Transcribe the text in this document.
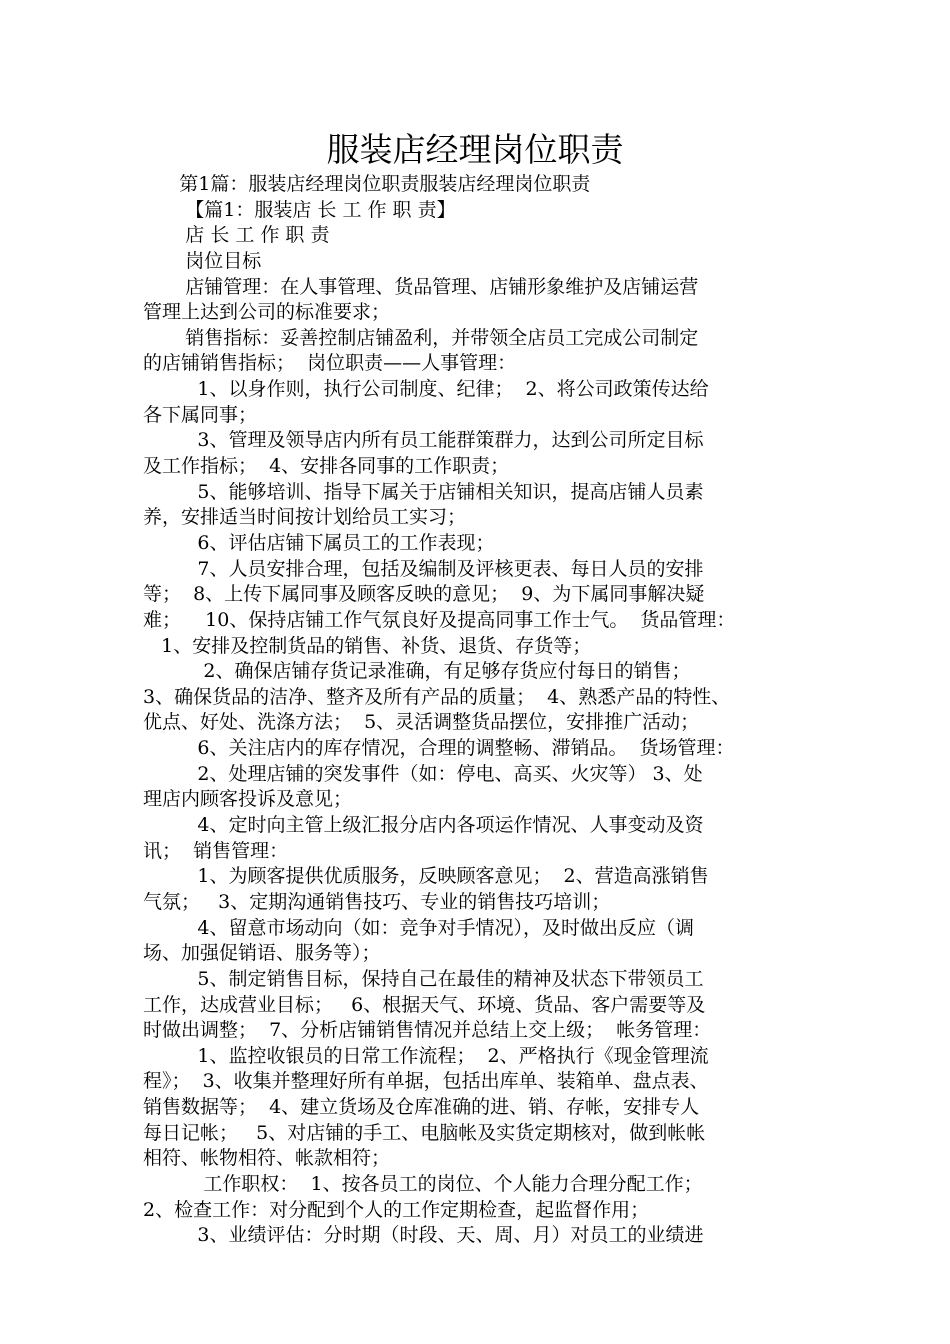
服装店经理岗位职责
第1篇：服装店经理岗位职责服装店经理岗位职责
【篇1：服装店 长 工 作 职 责】
店 长 工 作 职 责
岗位目标
店铺管理：在人事管理、货品管理、店铺形象维护及店铺运营
管理上达到公司的标准要求；
销售指标：妥善控制店铺盈利，并带领全店员工完成公司制定
的店铺销售指标；  岗位职责——人事管理：
1、以身作则，执行公司制度、纪律；  2、将公司政策传达给
各下属同事；
3、管理及领导店内所有员工能群策群力，达到公司所定目标
及工作指标；  4、安排各同事的工作职责；
5、能够培训、指导下属关于店铺相关知识，提高店铺人员素
养，安排适当时间按计划给员工实习；
6、评估店铺下属员工的工作表现；
7、人员安排合理，包括及编制及评核更表、每日人员的安排
等；  8、上传下属同事及顾客反映的意见；  9、为下属同事解决疑
难；    10、保持店铺工作气氛良好及提高同事工作士气。  货品管理：
1、安排及控制货品的销售、补货、退货、存货等；
2、确保店铺存货记录准确，有足够存货应付每日的销售；
3、确保货品的洁净、整齐及所有产品的质量；  4、熟悉产品的特性、
优点、好处、洗涤方法；  5、灵活调整货品摆位，安排推广活动；
6、关注店内的库存情况，合理的调整畅、滞销品。  货场管理：
2、处理店铺的突发事件（如：停电、高买、火灾等） 3、处
理店内顾客投诉及意见；
4、定时向主管上级汇报分店内各项运作情况、人事变动及资
讯；  销售管理：
1、为顾客提供优质服务，反映顾客意见；  2、营造高涨销售
气氛；   3、定期沟通销售技巧、专业的销售技巧培训；
4、留意市场动向（如：竞争对手情况），及时做出反应（调
场、加强促销语、服务等）；
5、制定销售目标，保持自己在最佳的精神及状态下带领员工
工作，达成营业目标；   6、根据天气、环境、货品、客户需要等及
时做出调整；  7、分析店铺销售情况并总结上交上级；  帐务管理：
1、监控收银员的日常工作流程；  2、严格执行《现金管理流
程》；  3、收集并整理好所有单据，包括出库单、装箱单、盘点表、
销售数据等；  4、建立货场及仓库准确的进、销、存帐，安排专人
每日记帐；   5、对店铺的手工、电脑帐及实货定期核对，做到帐帐
相符、帐物相符、帐款相符；
工作职权：  1、按各员工的岗位、个人能力合理分配工作；
2、检查工作：对分配到个人的工作定期检查，起监督作用；
3、业绩评估：分时期（时段、天、周、月）对员工的业绩进
